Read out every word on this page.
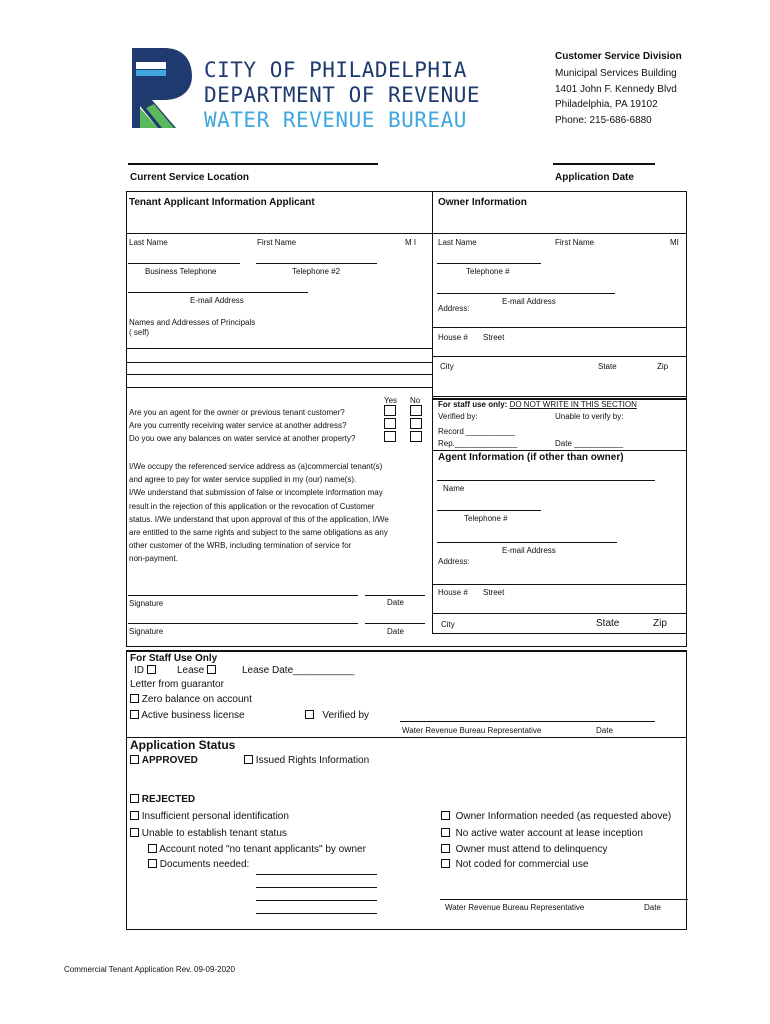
CITY OF PHILADELPHIA
DEPARTMENT OF REVENUE
WATER REVENUE BUREAU
Customer Service Division
Municipal Services Building
1401 John F. Kennedy Blvd
Philadelphia, PA 19102
Phone: 215-686-6880
Current Service Location	Application Date
Tenant Applicant Information Applicant
Last Name	First Name	M I
Business Telephone	Telephone #2
E-mail Address
Names and Addresses of Principals
( self)
Owner Information
Last Name	First Name	MI
Telephone #
E-mail Address
Address:
House # Street
City	State	Zip
Yes No
Are you an agent for the owner or previous tenant customer?
Are you currently receiving water service at another address?
Do you owe any balances on water service at another property?
For staff use only: DO NOT WRITE IN THIS SECTION
Verified by:	Unable to verify by:
Record ___________
Rep.______________	Date ___________
I/We occupy the referenced service address as (a)commercial tenant(s)
and agree to pay for water service supplied in my (our) name(s).
I/We understand that submission of false or incomplete information may
result in the rejection of this application or the revocation of Customer
status. I/We understand that upon approval of this of the application, I/We
are entitled to the same rights and subject to the same obligations as any
other customer of the WRB, including termination of service for
non-payment.
Agent Information (if other than owner)
Name
Telephone #
E-mail Address
Address:
House # Street
City	State	Zip
Signature	Date
Signature	Date
For Staff Use Only
ID	Lease	Lease Date___________
Letter from guarantor
Zero balance on account
Active business license	Verified by
Water Revenue Bureau Representative	Date
Application Status
APPROVED	Issued Rights Information
REJECTED
Insufficient personal identification
Unable to establish tenant status
Account noted "no tenant applicants" by owner
Documents needed:
Owner Information needed (as requested above)
No active water account at lease inception
Owner must attend to delinquency
Not coded for commercial use
Water Revenue Bureau Representative	Date
Commercial Tenant Application Rev. 09-09-2020
